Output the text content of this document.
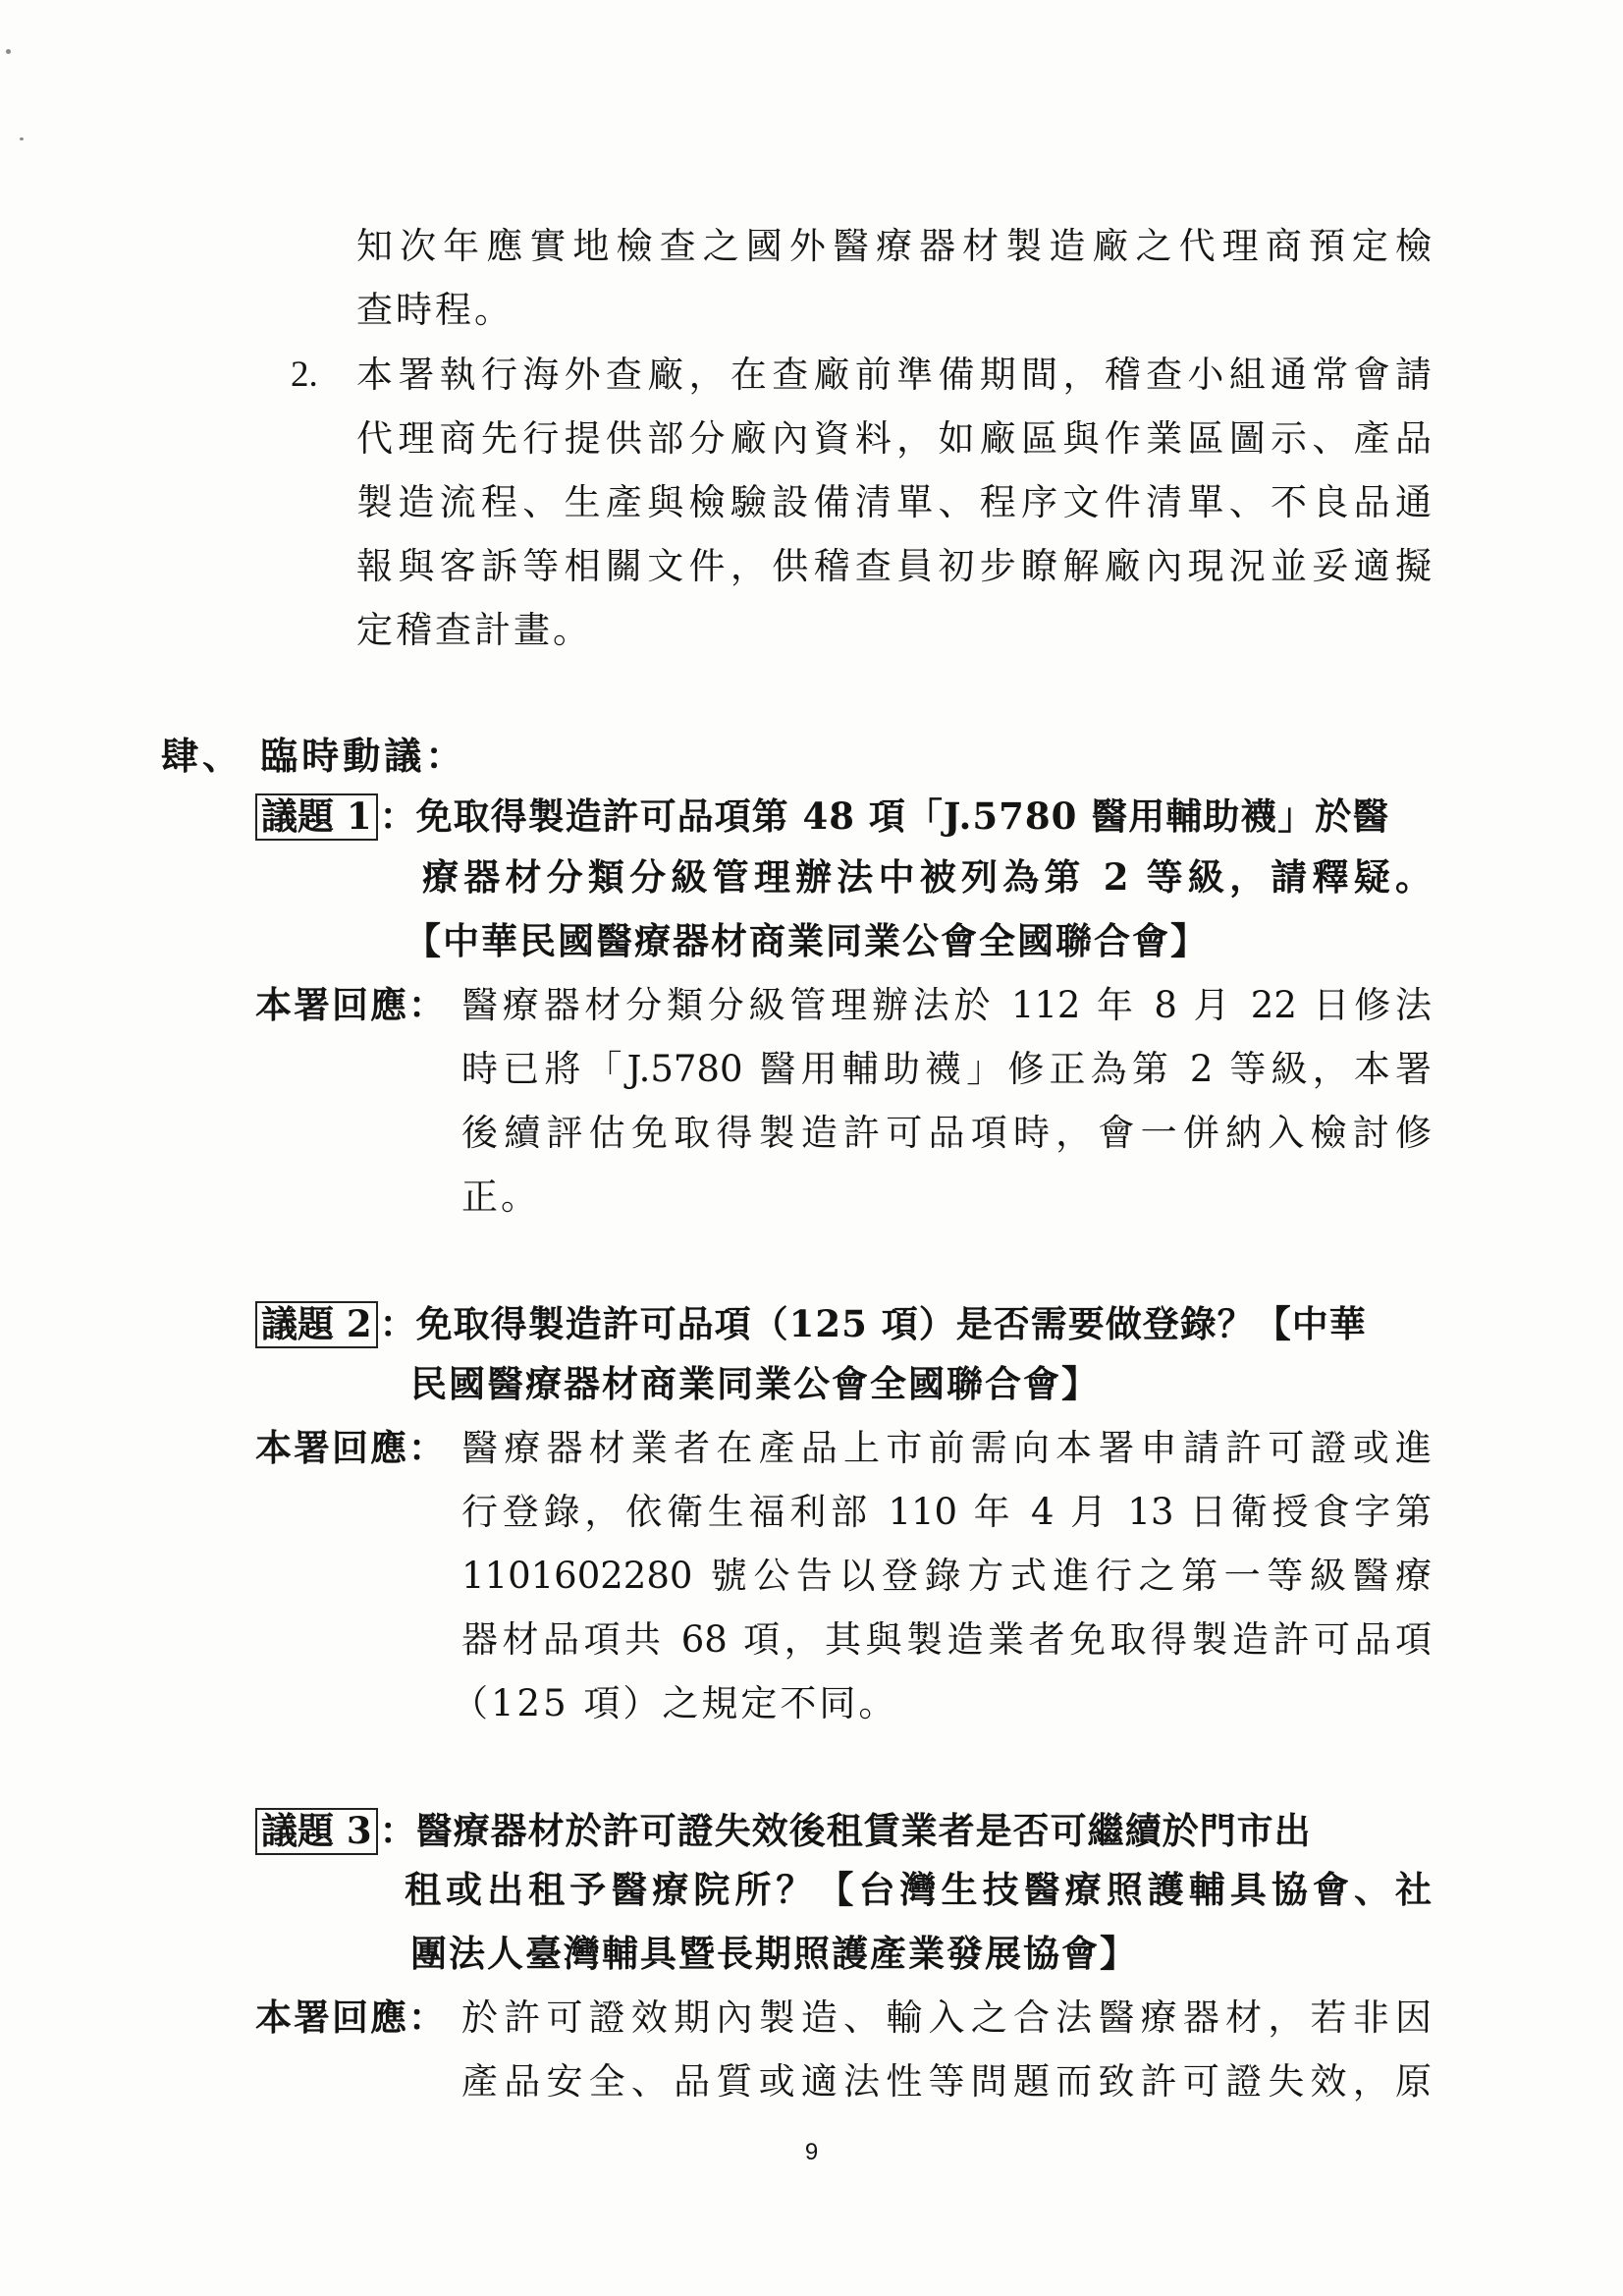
知次年應實地檢查之國外醫療器材製造廠之代理商預定檢
查時程。
2. 本署執行海外查廠，在查廠前準備期間，稽查小組通常會請
代理商先行提供部分廠內資料，如廠區與作業區圖示、產品
製造流程、生產與檢驗設備清單、程序文件清單、不良品通
報與客訴等相關文件，供稽查員初步瞭解廠內現況並妥適擬
定稽查計畫。
肆、 臨時動議：
議題 1 ：免取得製造許可品項第 48 項「J.5780 醫用輔助襪」於醫
療器材分類分級管理辦法中被列為第 2 等級，請釋疑。
【中華民國醫療器材商業同業公會全國聯合會】
本署回應： 醫療器材分類分級管理辦法於 112 年 8 月 22 日修法
時已將「J.5780 醫用輔助襪」修正為第 2 等級，本署
後續評估免取得製造許可品項時，會一併納入檢討修
正。
議題 2 ：免取得製造許可品項（125 項）是否需要做登錄？【中華
民國醫療器材商業同業公會全國聯合會】
本署回應： 醫療器材業者在產品上市前需向本署申請許可證或進
行登錄，依衛生福利部 110 年 4 月 13 日衛授食字第
1101602280 號公告以登錄方式進行之第一等級醫療
器材品項共 68 項，其與製造業者免取得製造許可品項
（125 項）之規定不同。
議題 3 ：醫療器材於許可證失效後租賃業者是否可繼續於門市出
租或出租予醫療院所？【台灣生技醫療照護輔具協會、社
團法人臺灣輔具暨長期照護產業發展協會】
本署回應： 於許可證效期內製造、輸入之合法醫療器材，若非因
產品安全、品質或適法性等問題而致許可證失效，原
9
